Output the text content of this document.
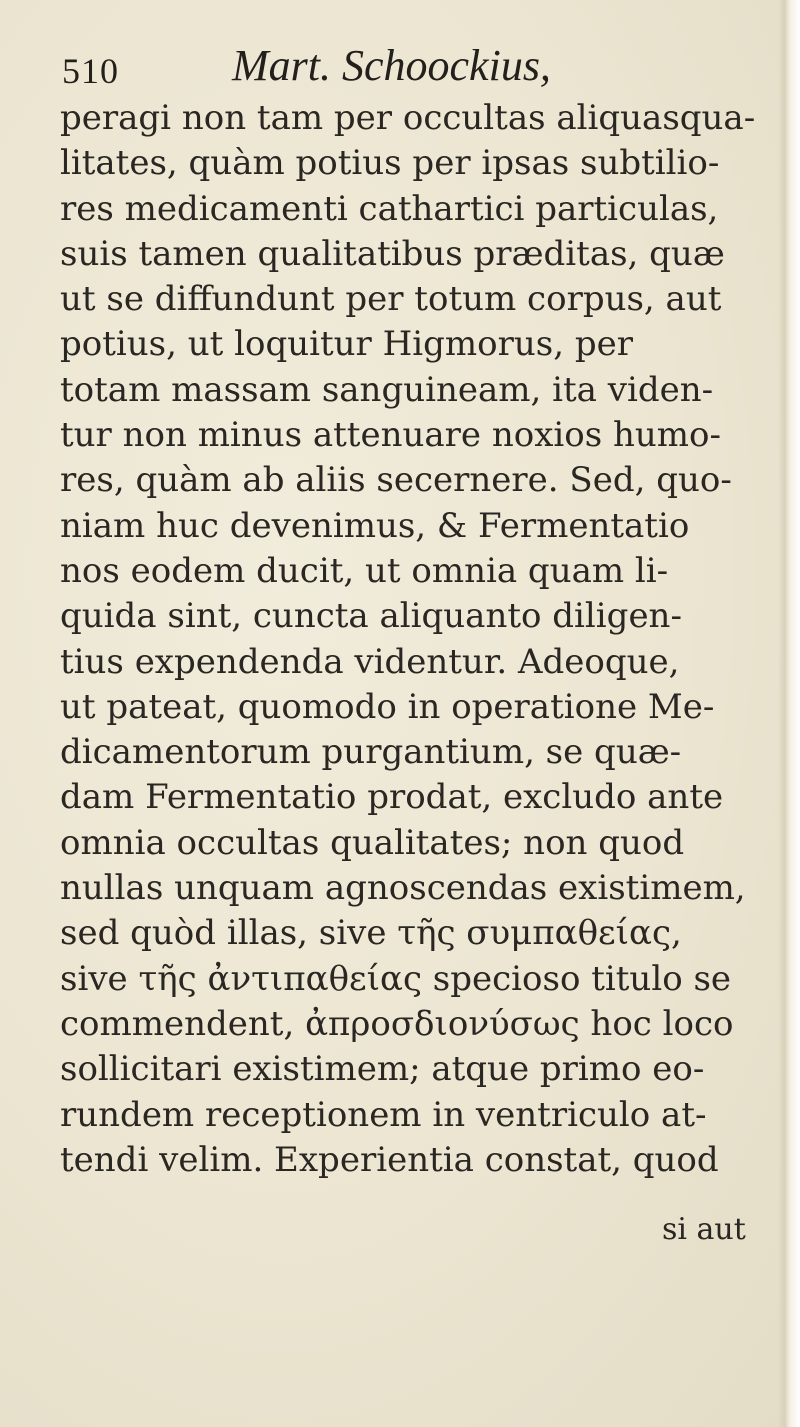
510	Mart. Schoockius,
peragi non tam per occultas aliquasqua-
litates, quàm potius per ipsas subtilio-
res medicamenti cathartici particulas,
suis tamen qualitatibus præditas, quæ
ut se diffundunt per totum corpus, aut
potius, ut loquitur Higmorus, per
totam massam sanguineam, ita viden-
tur non minus attenuare noxios humo-
res, quàm ab aliis secernere. Sed, quo-
niam huc devenimus, & Fermentatio
nos eodem ducit, ut omnia quam li-
quida sint, cuncta aliquanto diligen-
tius expendenda videntur. Adeoque,
ut pateat, quomodo in operatione Me-
dicamentorum purgantium, se quæ-
dam Fermentatio prodat, excludo ante
omnia occultas qualitates; non quod
nullas unquam agnoscendas existimem,
sed quòd illas, sive τῆς συμπαθείας,
sive τῆς ἀντιπαθείας specioso titulo se
commendent, ἀπροσδιονύσως hoc loco
sollicitari existimem; atque primo eo-
rundem receptionem in ventriculo at-
tendi velim. Experientia constat, quod
si aut
